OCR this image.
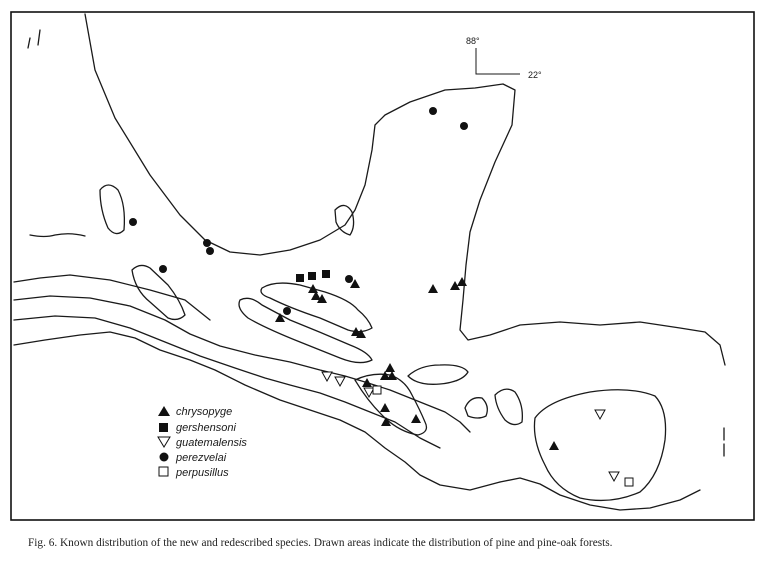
88°
22°
chrysopyge
gershensoni
guatemalensis
perezvelai
perpusillus
Fig. 6. Known distribution of the new and redescribed species. Drawn areas indicate the distribution of pine and pine-oak forests.
